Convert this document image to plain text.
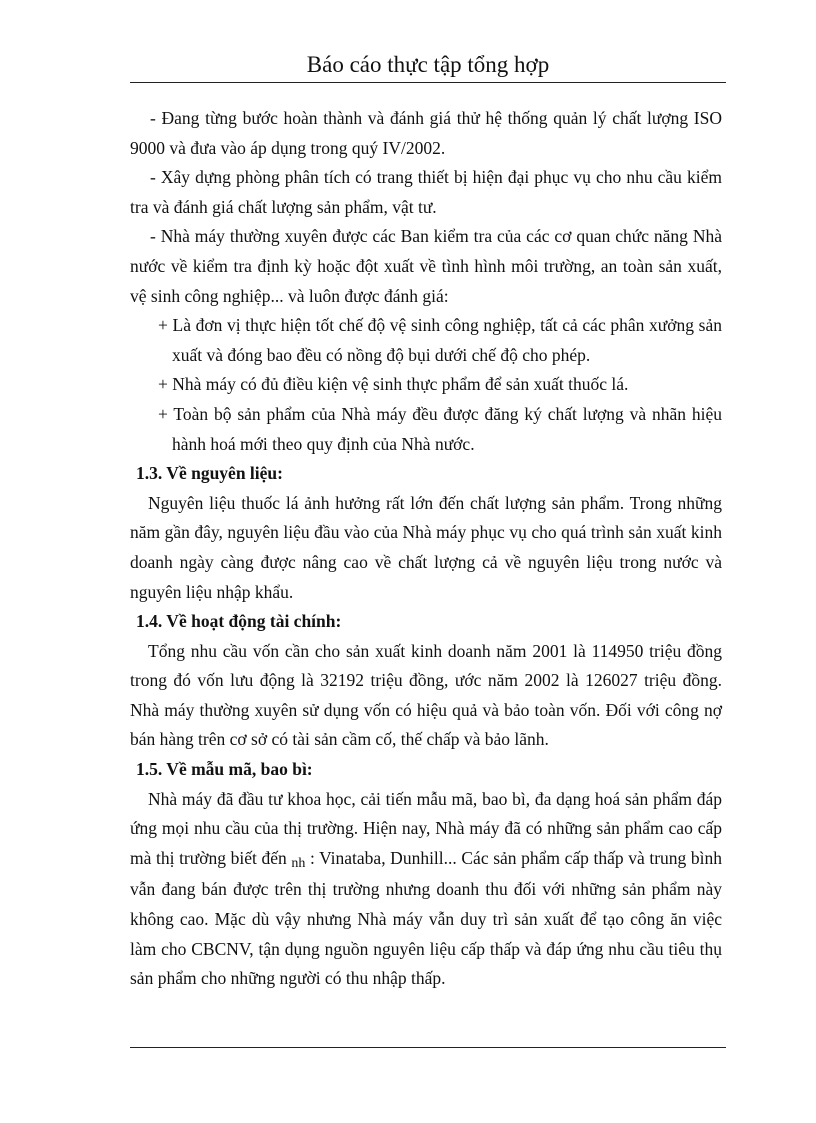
Báo cáo thực tập tổng hợp

- Đang từng bước hoàn thành và đánh giá thử hệ thống quản lý chất lượng ISO 9000 và đưa vào áp dụng trong quý IV/2002.

- Xây dựng phòng phân tích có trang thiết bị hiện đại phục vụ cho nhu cầu kiểm tra và đánh giá chất lượng sản phẩm, vật tư.

- Nhà máy thường xuyên được các Ban kiểm tra của các cơ quan chức năng Nhà nước về kiểm tra định kỳ hoặc đột xuất về tình hình môi trường, an toàn sản xuất, vệ sinh công nghiệp... và luôn được đánh giá:

+ Là đơn vị thực hiện tốt chế độ vệ sinh công nghiệp, tất cả các phân xưởng sản xuất và đóng bao đều có nồng độ bụi dưới chế độ cho phép.

+ Nhà máy có đủ điều kiện vệ sinh thực phẩm để sản xuất thuốc lá.

+ Toàn bộ sản phẩm của Nhà máy đều được đăng ký chất lượng và nhãn hiệu hành hoá mới theo quy định của Nhà nước.

1.3. Về nguyên liệu:

Nguyên liệu thuốc lá ảnh hưởng rất lớn đến chất lượng sản phẩm. Trong những năm gần đây, nguyên liệu đầu vào của Nhà máy phục vụ cho quá trình sản xuất kinh doanh ngày càng được nâng cao về chất lượng cả về nguyên liệu trong nước và nguyên liệu nhập khẩu.

1.4. Về hoạt động tài chính:

Tổng nhu cầu vốn cần cho sản xuất kinh doanh năm 2001 là 114950 triệu đồng trong đó vốn lưu động là 32192 triệu đồng, ước năm 2002 là 126027 triệu đồng. Nhà máy thường xuyên sử dụng vốn có hiệu quả và bảo toàn vốn. Đối với công nợ bán hàng trên cơ sở có tài sản cầm cố, thế chấp và bảo lãnh.

1.5. Về mẫu mã, bao bì:

Nhà máy đã đầu tư khoa học, cải tiến mẫu mã, bao bì, đa dạng hoá sản phẩm đáp ứng mọi nhu cầu của thị trường. Hiện nay, Nhà máy đã có những sản phẩm cao cấp mà thị trường biết đến nh : Vinataba, Dunhill... Các sản phẩm cấp thấp và trung bình vẫn đang bán được trên thị trường nhưng doanh thu đối với những sản phẩm này không cao. Mặc dù vậy nhưng Nhà máy vẫn duy trì sản xuất để tạo công ăn việc làm cho CBCNV, tận dụng nguồn nguyên liệu cấp thấp và đáp ứng nhu cầu tiêu thụ sản phẩm cho những người có thu nhập thấp.
